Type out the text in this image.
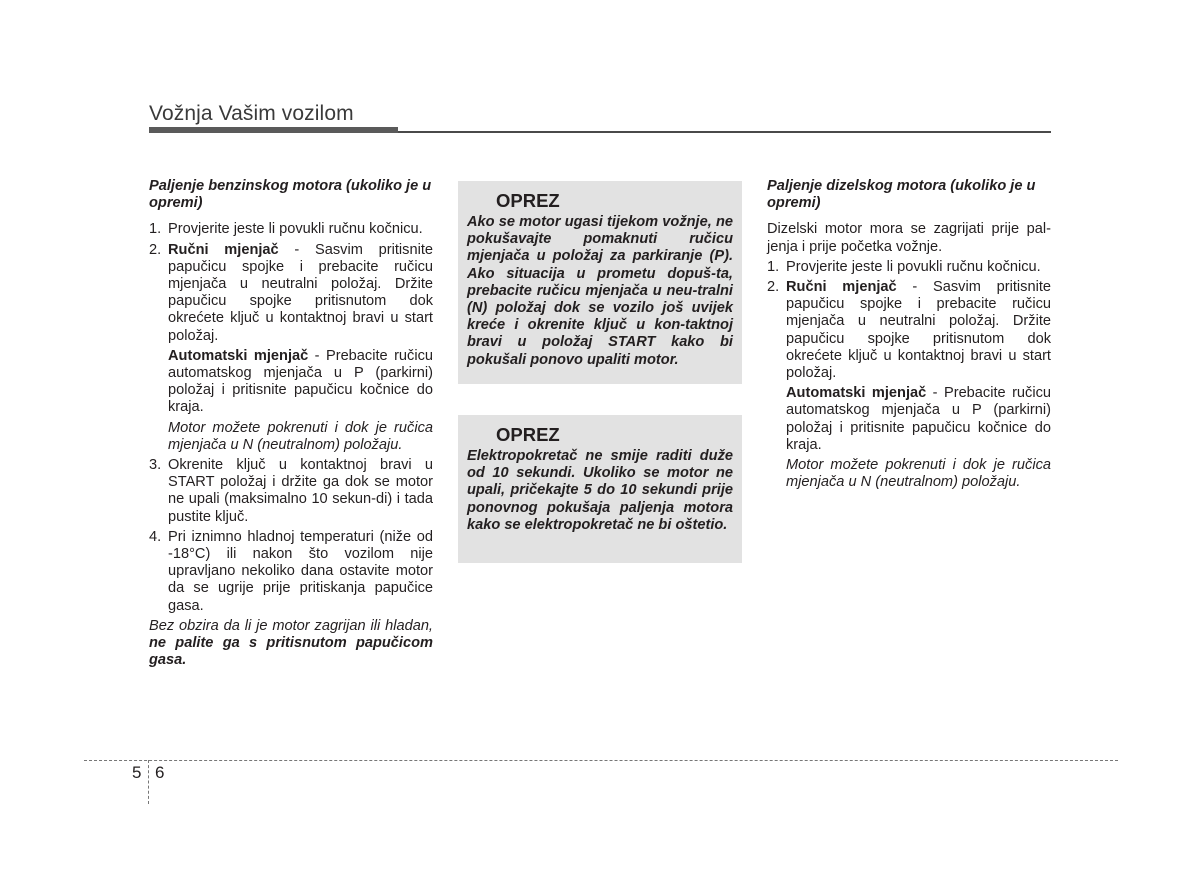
Vožnja Vašim vozilom

Paljenje benzinskog motora (ukoliko je u opremi)

1. Provjerite jeste li povukli ručnu kočnicu.
2. Ručni mjenjač - Sasvim pritisnite papučicu spojke i prebacite ručicu mjenjača u neutralni položaj. Držite papučicu spojke pritisnutom dok okrećete ključ u kontaktnoj bravi u start položaj.
Automatski mjenjač - Prebacite ručicu automatskog mjenjača u P (parkirni) položaj i pritisnite papučicu kočnice do kraja.
Motor možete pokrenuti i dok je ručica mjenjača u N (neutralnom) položaju.
3. Okrenite ključ u kontaktnoj bravi u START položaj i držite ga dok se motor ne upali (maksimalno 10 sekun-di) i tada pustite ključ.
4. Pri iznimno hladnoj temperaturi (niže od -18°C) ili nakon što vozilom nije upravljano nekoliko dana ostavite motor da se ugrije prije pritiskanja papučice gasa.

Bez obzira da li je motor zagrijan ili hladan, ne palite ga s pritisnutom papučicom gasa.

OPREZ

Ako se motor ugasi tijekom vožnje, ne pokušavajte pomaknuti ručicu mjenjača u položaj za parkiranje (P). Ako situacija u prometu dopuš-ta, prebacite ručicu mjenjača u neu-tralni (N) položaj dok se vozilo još uvijek kreće i okrenite ključ u kon-taktnoj bravi u položaj START kako bi pokušali ponovo upaliti motor.

OPREZ

Elektropokretač ne smije raditi duže od 10 sekundi. Ukoliko se motor ne upali, pričekajte 5 do 10 sekundi prije ponovnog pokušaja paljenja motora kako se elektropokretač ne bi oštetio.

Paljenje dizelskog motora (ukoliko je u opremi)

Dizelski motor mora se zagrijati prije pal-jenja i prije početka vožnje.

1. Provjerite jeste li povukli ručnu kočnicu.
2. Ručni mjenjač - Sasvim pritisnite papučicu spojke i prebacite ručicu mjenjača u neutralni položaj. Držite papučicu spojke pritisnutom dok okrećete ključ u kontaktnoj bravi u start položaj.
Automatski mjenjač - Prebacite ručicu automatskog mjenjača u P (parkirni) položaj i pritisnite papučicu kočnice do kraja.
Motor možete pokrenuti i dok je ručica mjenjača u N (neutralnom) položaju.
5 6
